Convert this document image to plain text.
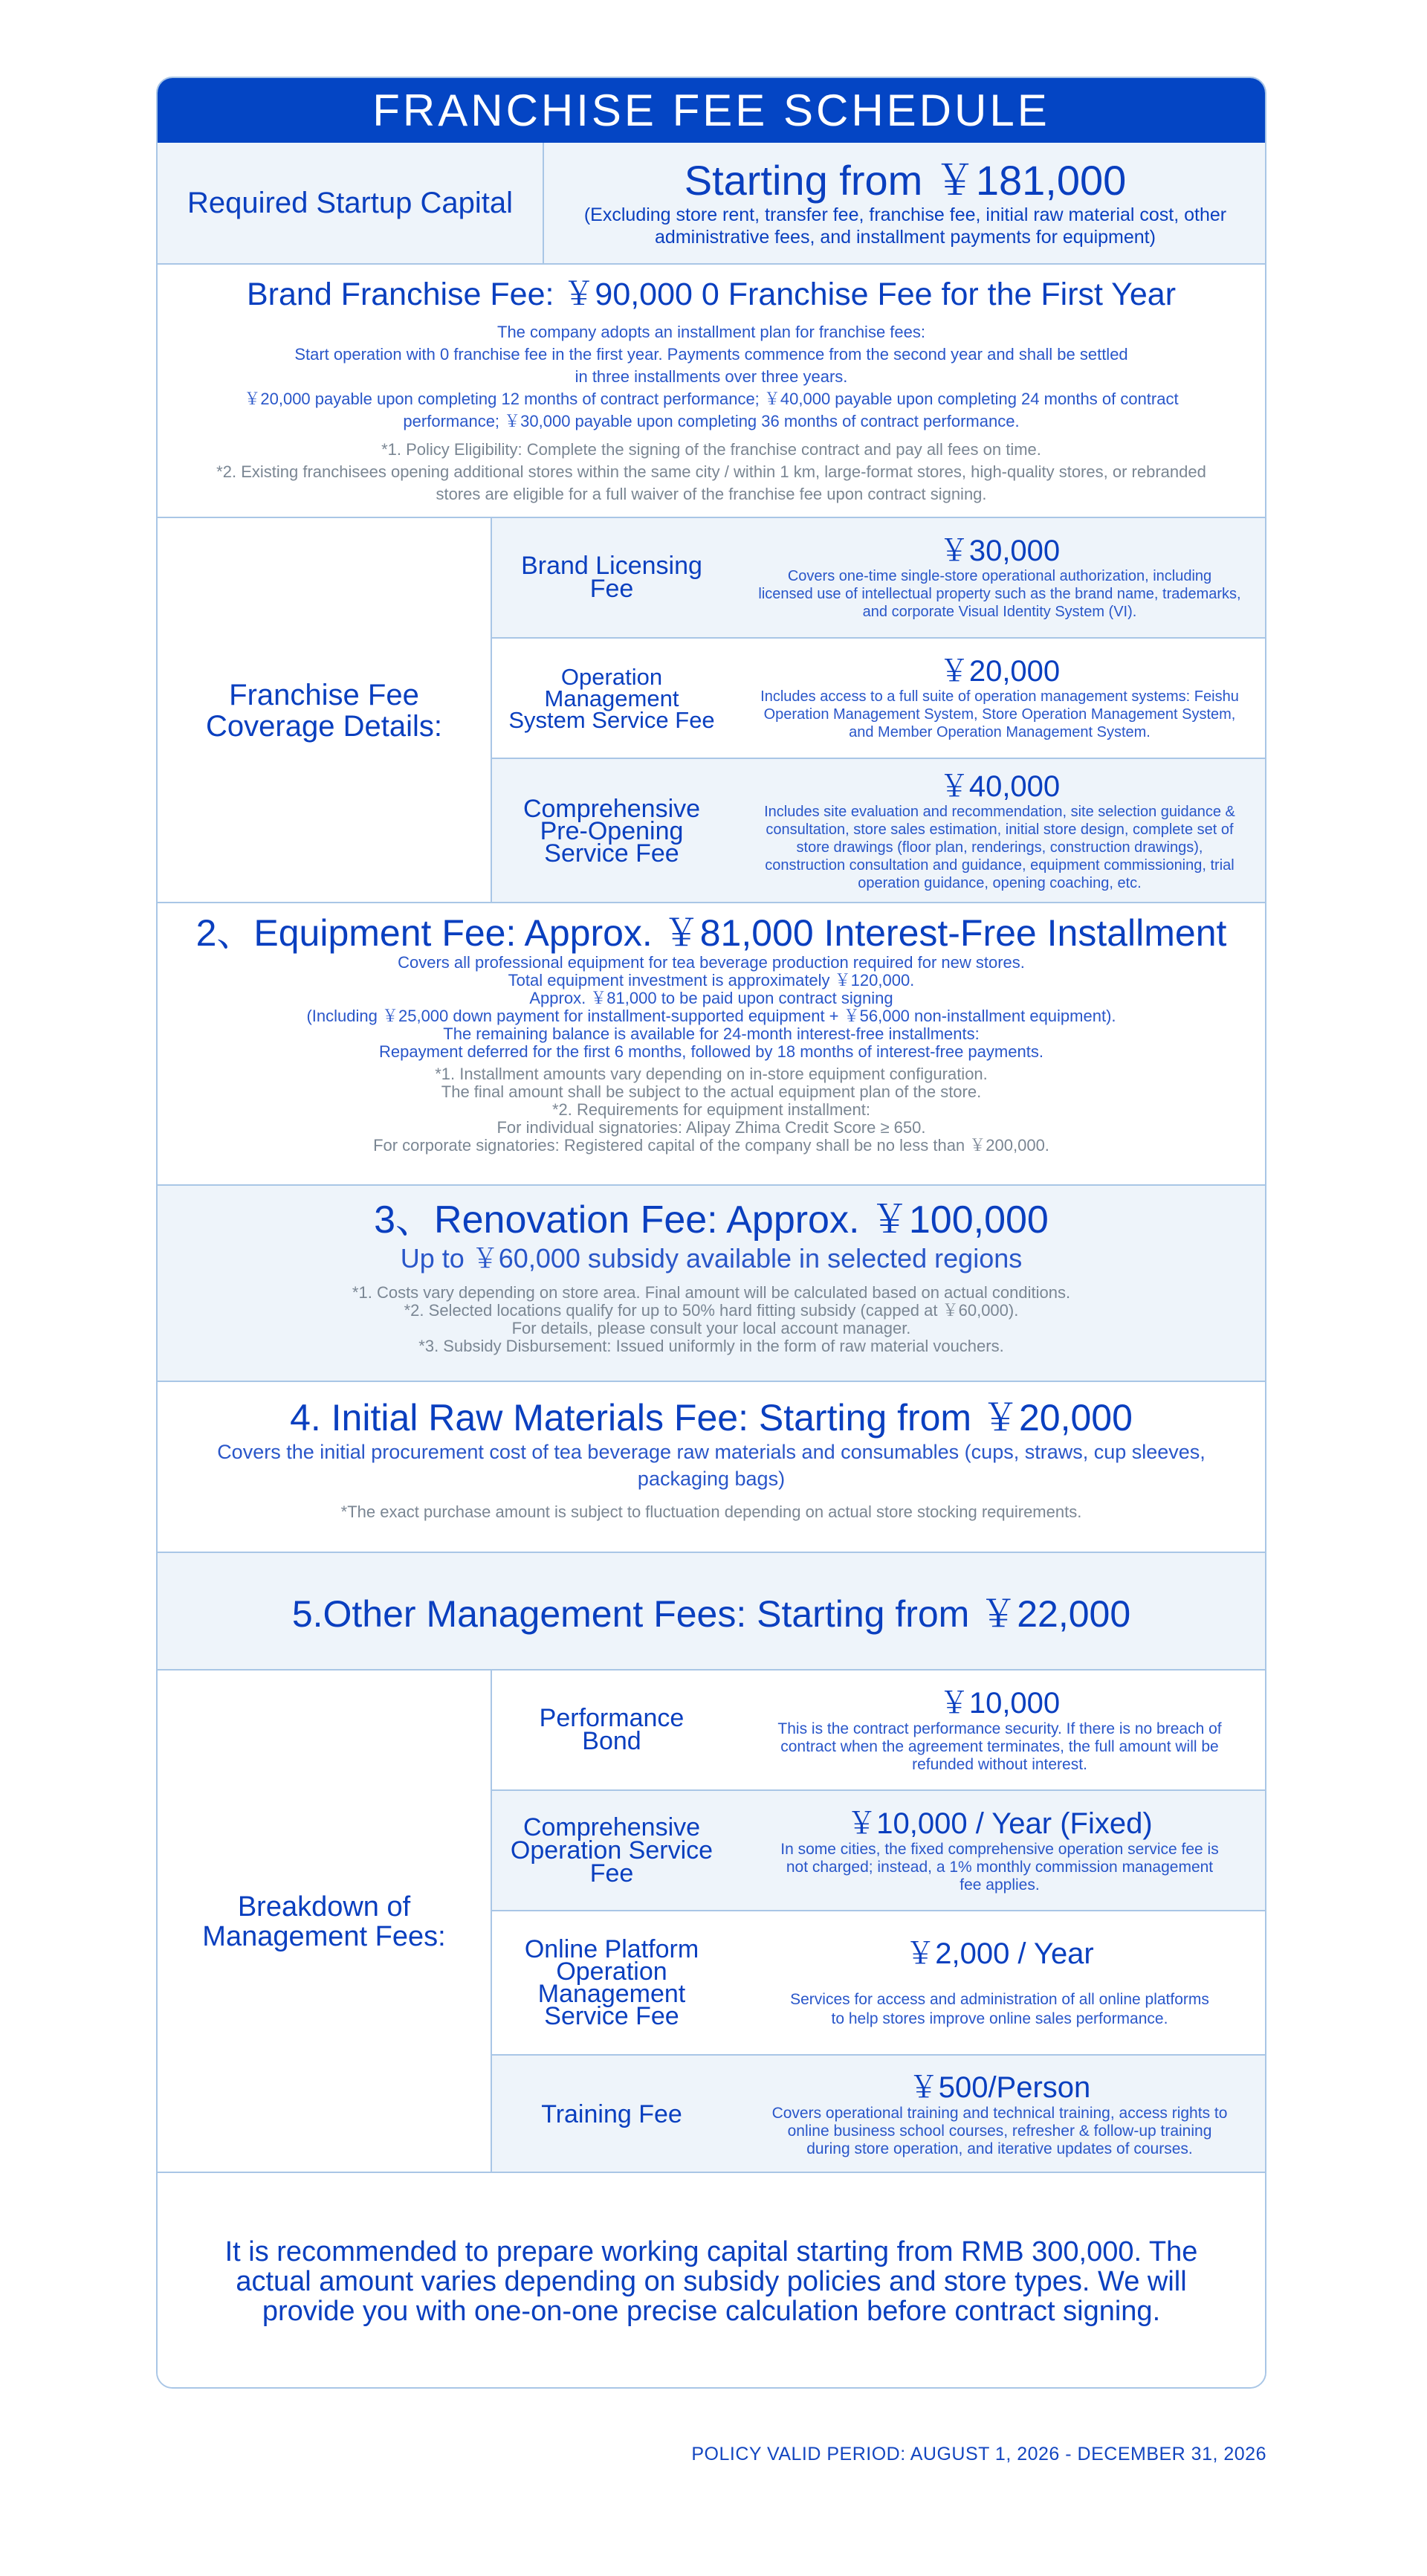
FRANCHISE FEE SCHEDULE
Required Startup Capital	Starting from ￥181,000
(Excluding store rent, transfer fee, franchise fee, initial raw material cost, other administrative fees, and installment payments for equipment)
Brand Franchise Fee: ￥90,000 0 Franchise Fee for the First Year
The company adopts an installment plan for franchise fees:
Start operation with 0 franchise fee in the first year. Payments commence from the second year and shall be settled
in three installments over three years.
￥20,000 payable upon completing 12 months of contract performance; ￥40,000 payable upon completing 24 months of contract
performance; ￥30,000 payable upon completing 36 months of contract performance.
*1. Policy Eligibility: Complete the signing of the franchise contract and pay all fees on time.
*2. Existing franchisees opening additional stores within the same city / within 1 km, large-format stores, high-quality stores, or rebranded
stores are eligible for a full waiver of the franchise fee upon contract signing.
Franchise Fee
Coverage Details:
Brand Licensing
Fee
￥30,000
Covers one-time single-store operational authorization, including
licensed use of intellectual property such as the brand name, trademarks,
and corporate Visual Identity System (VI).
Operation
Management
System Service Fee
￥20,000
Includes access to a full suite of operation management systems: Feishu
Operation Management System, Store Operation Management System,
and Member Operation Management System.
Comprehensive
Pre-Opening
Service Fee
￥40,000
Includes site evaluation and recommendation, site selection guidance &
consultation, store sales estimation, initial store design, complete set of
store drawings (floor plan, renderings, construction drawings),
construction consultation and guidance, equipment commissioning, trial
operation guidance, opening coaching, etc.
2、Equipment Fee: Approx. ￥81,000 Interest-Free Installment
Covers all professional equipment for tea beverage production required for new stores.
Total equipment investment is approximately ￥120,000.
Approx. ￥81,000 to be paid upon contract signing
(Including ￥25,000 down payment for installment-supported equipment + ￥56,000 non-installment equipment).
The remaining balance is available for 24-month interest-free installments:
Repayment deferred for the first 6 months, followed by 18 months of interest-free payments.
*1. Installment amounts vary depending on in-store equipment configuration.
The final amount shall be subject to the actual equipment plan of the store.
*2. Requirements for equipment installment:
For individual signatories: Alipay Zhima Credit Score ≥ 650.
For corporate signatories: Registered capital of the company shall be no less than ￥200,000.
3、Renovation Fee: Approx. ￥100,000
Up to ￥60,000 subsidy available in selected regions
*1. Costs vary depending on store area. Final amount will be calculated based on actual conditions.
*2. Selected locations qualify for up to 50% hard fitting subsidy (capped at ￥60,000).
For details, please consult your local account manager.
*3. Subsidy Disbursement: Issued uniformly in the form of raw material vouchers.
4. Initial Raw Materials Fee: Starting from ￥20,000
Covers the initial procurement cost of tea beverage raw materials and consumables (cups, straws, cup sleeves,
packaging bags)
*The exact purchase amount is subject to fluctuation depending on actual store stocking requirements.
5.Other Management Fees: Starting from ￥22,000
Breakdown of
Management Fees:
Performance
Bond
￥10,000
This is the contract performance security. If there is no breach of
contract when the agreement terminates, the full amount will be
refunded without interest.
Comprehensive
Operation Service
Fee
￥10,000 / Year (Fixed)
In some cities, the fixed comprehensive operation service fee is
not charged; instead, a 1% monthly commission management
fee applies.
Online Platform
Operation
Management
Service Fee
￥2,000 / Year
Services for access and administration of all online platforms
to help stores improve online sales performance.
Training Fee
￥500/Person
Covers operational training and technical training, access rights to
online business school courses, refresher & follow-up training
during store operation, and iterative updates of courses.
It is recommended to prepare working capital starting from RMB 300,000. The
actual amount varies depending on subsidy policies and store types. We will
provide you with one-on-one precise calculation before contract signing.
POLICY VALID PERIOD: AUGUST 1, 2026 - DECEMBER 31, 2026
